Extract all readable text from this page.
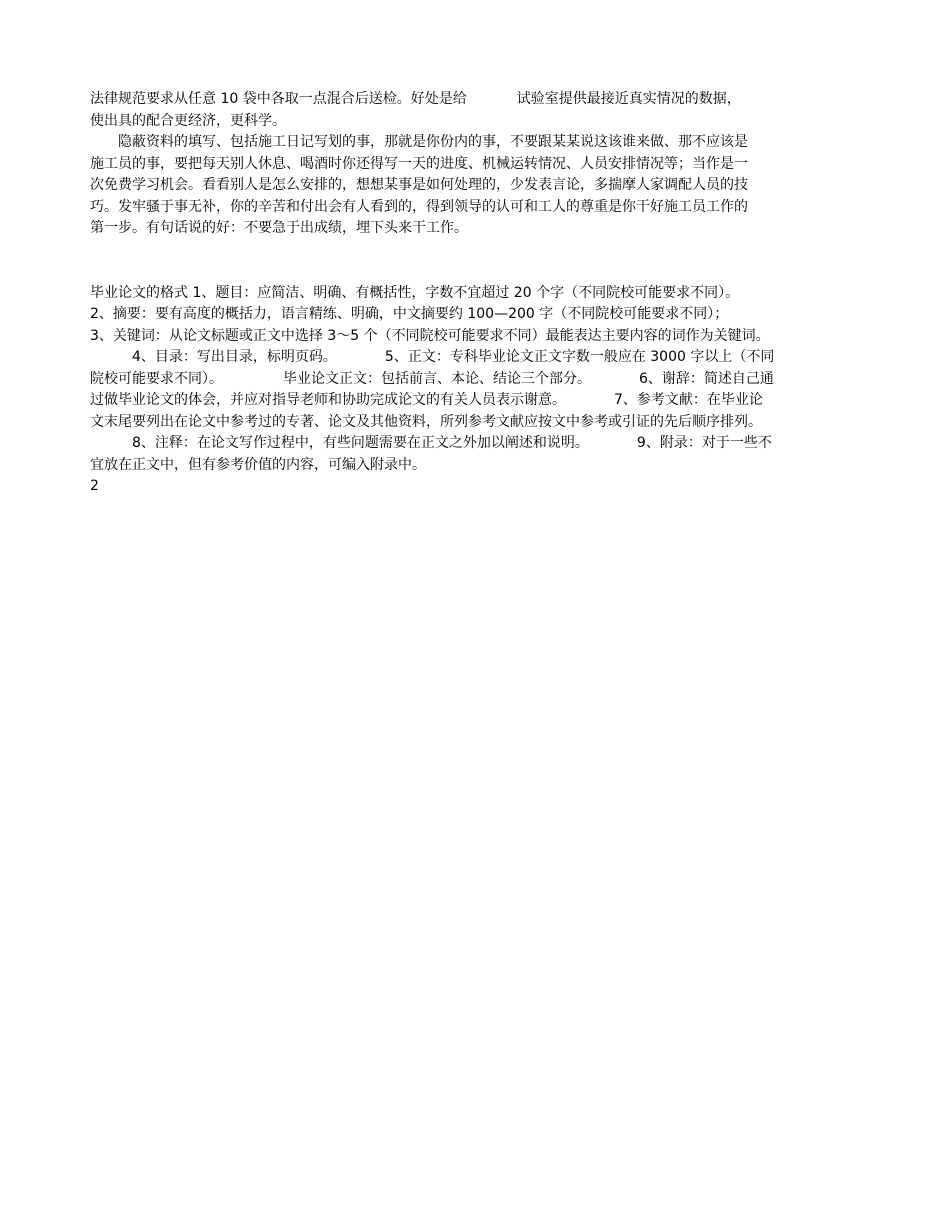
法律规范要求从任意 10 袋中各取一点混合后送检。好处是给	试验室提供最接近真实情况的数据，
使出具的配合更经济，更科学。
隐蔽资料的填写、包括施工日记写划的事，那就是你份内的事，不要跟某某说这该谁来做、那不应该是
施工员的事，要把每天别人休息、喝酒时你还得写一天的进度、机械运转情况、人员安排情况等；当作是一
次免费学习机会。看看别人是怎么安排的，想想某事是如何处理的，少发表言论，多揣摩人家调配人员的技
巧。发牢骚于事无补，你的辛苦和付出会有人看到的，得到领导的认可和工人的尊重是你干好施工员工作的
第一步。有句话说的好：不要急于出成绩，埋下头来干工作。
毕业论文的格式 1、题目：应简洁、明确、有概括性，字数不宜超过 20 个字（不同院校可能要求不同）。
2、摘要：要有高度的概括力，语言精练、明确，中文摘要约 100—200 字（不同院校可能要求不同）；
3、关键词：从论文标题或正文中选择 3～5 个（不同院校可能要求不同）最能表达主要内容的词作为关键词。
4、目录：写出目录，标明页码。	5、正文：专科毕业论文正文字数一般应在 3000 字以上（不同
院校可能要求不同）。	毕业论文正文：包括前言、本论、结论三个部分。	6、谢辞：简述自己通
过做毕业论文的体会，并应对指导老师和协助完成论文的有关人员表示谢意。	7、参考文献：在毕业论
文末尾要列出在论文中参考过的专著、论文及其他资料，所列参考文献应按文中参考或引证的先后顺序排列。
8、注释：在论文写作过程中，有些问题需要在正文之外加以阐述和说明。	9、附录：对于一些不
宜放在正文中，但有参考价值的内容，可编入附录中。
2
